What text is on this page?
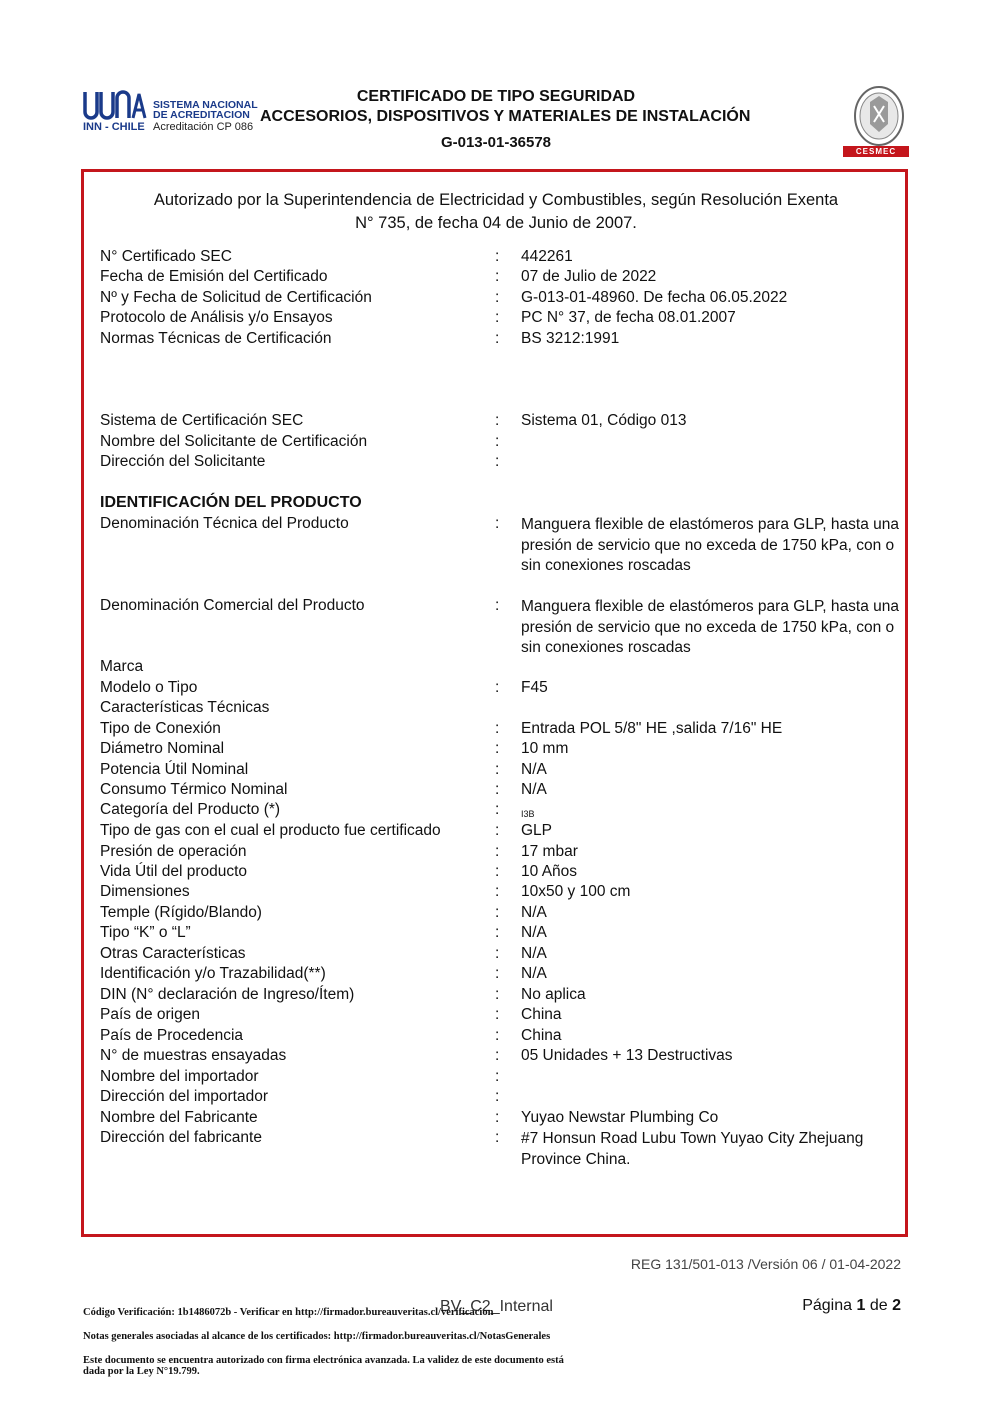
SISTEMA NACIONAL
DE ACREDITACION
INN - CHILE Acreditación CP 086
CERTIFICADO DE TIPO SEGURIDAD
ACCESORIOS, DISPOSITIVOS Y MATERIALES DE INSTALACIÓN
G-013-01-36578
CESMEC
Autorizado por la Superintendencia de Electricidad y Combustibles, según Resolución Exenta
N° 735, de fecha 04 de Junio de 2007.
N° Certificado SEC	: 442261
Fecha de Emisión del Certificado	: 07 de Julio de 2022
Nº y Fecha de Solicitud de Certificación	: G-013-01-48960. De fecha 06.05.2022
Protocolo de Análisis y/o Ensayos	: PC N° 37, de fecha 08.01.2007
Normas Técnicas de Certificación	: BS 3212:1991
Sistema de Certificación SEC	: Sistema 01, Código 013
Nombre del Solicitante de Certificación	:
Dirección del Solicitante	:
IDENTIFICACIÓN DEL PRODUCTO
Denominación Técnica del Producto	: Manguera flexible de elastómeros para GLP, hasta una presión de servicio que no exceda de 1750 kPa, con o sin conexiones roscadas
Denominación Comercial del Producto	: Manguera flexible de elastómeros para GLP, hasta una presión de servicio que no exceda de 1750 kPa, con o sin conexiones roscadas
Marca
Modelo o Tipo	: F45
Características Técnicas
Tipo de Conexión	: Entrada POL 5/8" HE ,salida 7/16" HE
Diámetro Nominal	: 10 mm
Potencia Útil Nominal	: N/A
Consumo Térmico Nominal	: N/A
Categoría del Producto (*)	: I3B
Tipo de gas con el cual el producto fue certificado	: GLP
Presión de operación	: 17 mbar
Vida Útil del producto	: 10 Años
Dimensiones	: 10x50 y 100 cm
Temple (Rígido/Blando)	: N/A
Tipo “K” o “L”	: N/A
Otras Características	: N/A
Identificación y/o Trazabilidad(**)	: N/A
DIN (N° declaración de Ingreso/Ítem)	: No aplica
País de origen	: China
País de Procedencia	: China
N° de muestras ensayadas	: 05 Unidades + 13 Destructivas
Nombre del importador	:
Dirección del importador	:
Nombre del Fabricante	: Yuyao Newstar Plumbing Co
Dirección del fabricante	: #7 Honsun Road Lubu Town Yuyao City Zhejuang Province China.
REG 131/501-013 /Versión 06 / 01-04-2022
BV_C2_Internal	Página 1 de 2
Código Verificación: 1b1486072b - Verificar en http://firmador.bureauveritas.cl/verificacion
Notas generales asociadas al alcance de los certificados: http://firmador.bureauveritas.cl/NotasGenerales
Este documento se encuentra autorizado con firma electrónica avanzada. La validez de este documento está
dada por la Ley N°19.799.
